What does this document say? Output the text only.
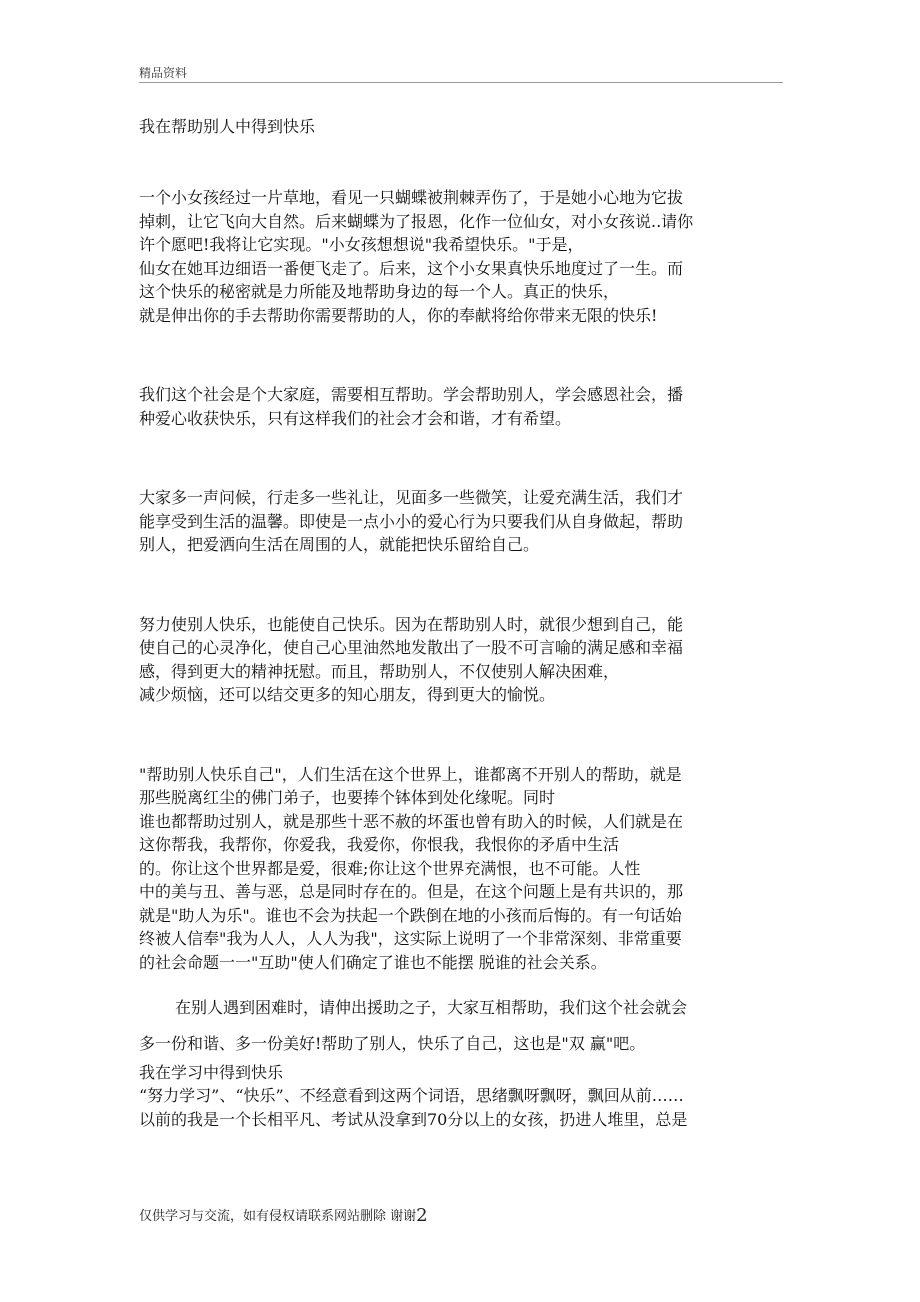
精品资料
我在帮助别人中得到快乐
一个小女孩经过一片草地，看见一只蝴蝶被荆棘弄伤了，于是她小心地为它拔
掉刺，让它飞向大自然。后来蝴蝶为了报恩，化作一位仙女，对小女孩说..请你
许个愿吧!我将让它实现。"小女孩想想说"我希望快乐。"于是，
仙女在她耳边细语一番便飞走了。后来，这个小女果真快乐地度过了一生。而
这个快乐的秘密就是力所能及地帮助身边的每一个人。真正的快乐，
就是伸出你的手去帮助你需要帮助的人，你的奉献将给你带来无限的快乐!
我们这个社会是个大家庭，需要相互帮助。学会帮助别人，学会感恩社会，播
种爱心收获快乐，只有这样我们的社会才会和谐，才有希望。
大家多一声问候，行走多一些礼让，见面多一些微笑，让爱充满生活，我们才
能享受到生活的温馨。即使是一点小小的爱心行为只要我们从自身做起，帮助
别人，把爱洒向生活在周围的人，就能把快乐留给自己。
努力使别人快乐，也能使自己快乐。因为在帮助别人时，就很少想到自己，能
使自己的心灵净化，使自己心里油然地发散出了一股不可言喻的满足感和幸福
感，得到更大的精神抚慰。而且，帮助别人，不仅使别人解决困难，
减少烦恼，还可以结交更多的知心朋友，得到更大的愉悦。
"帮助别人快乐自己"，人们生活在这个世界上，谁都离不开别人的帮助，就是
那些脱离红尘的佛门弟子，也要捧个钵体到处化缘呢。同时
谁也都帮助过别人，就是那些十恶不赦的坏蛋也曾有助入的时候，人们就是在
这你帮我，我帮你，你爱我，我爱你，你恨我，我恨你的矛盾中生活
的。你让这个世界都是爱，很难;你让这个世界充满恨，也不可能。人性
中的美与丑、善与恶，总是同时存在的。但是，在这个问题上是有共识的，那
就是"助人为乐"。谁也不会为扶起一个跌倒在地的小孩而后悔的。有一句话始
终被人信奉"我为人人，人人为我"，这实际上说明了一个非常深刻、非常重要
的社会命题一一"互助"使人们确定了谁也不能摆 脱谁的社会关系。
在别人遇到困难时，请伸出援助之子，大家互相帮助，我们这个社会就会
多一份和谐、多一份美好!帮助了别人，快乐了自己，这也是"双 赢"吧。
我在学习中得到快乐
“努力学习”、“快乐”、不经意看到这两个词语，思绪飘呀飘呀，飘回从前……
以前的我是一个长相平凡、考试从没拿到70分以上的女孩，扔进人堆里，总是
仅供学习与交流，如有侵权请联系网站删除 谢谢2
